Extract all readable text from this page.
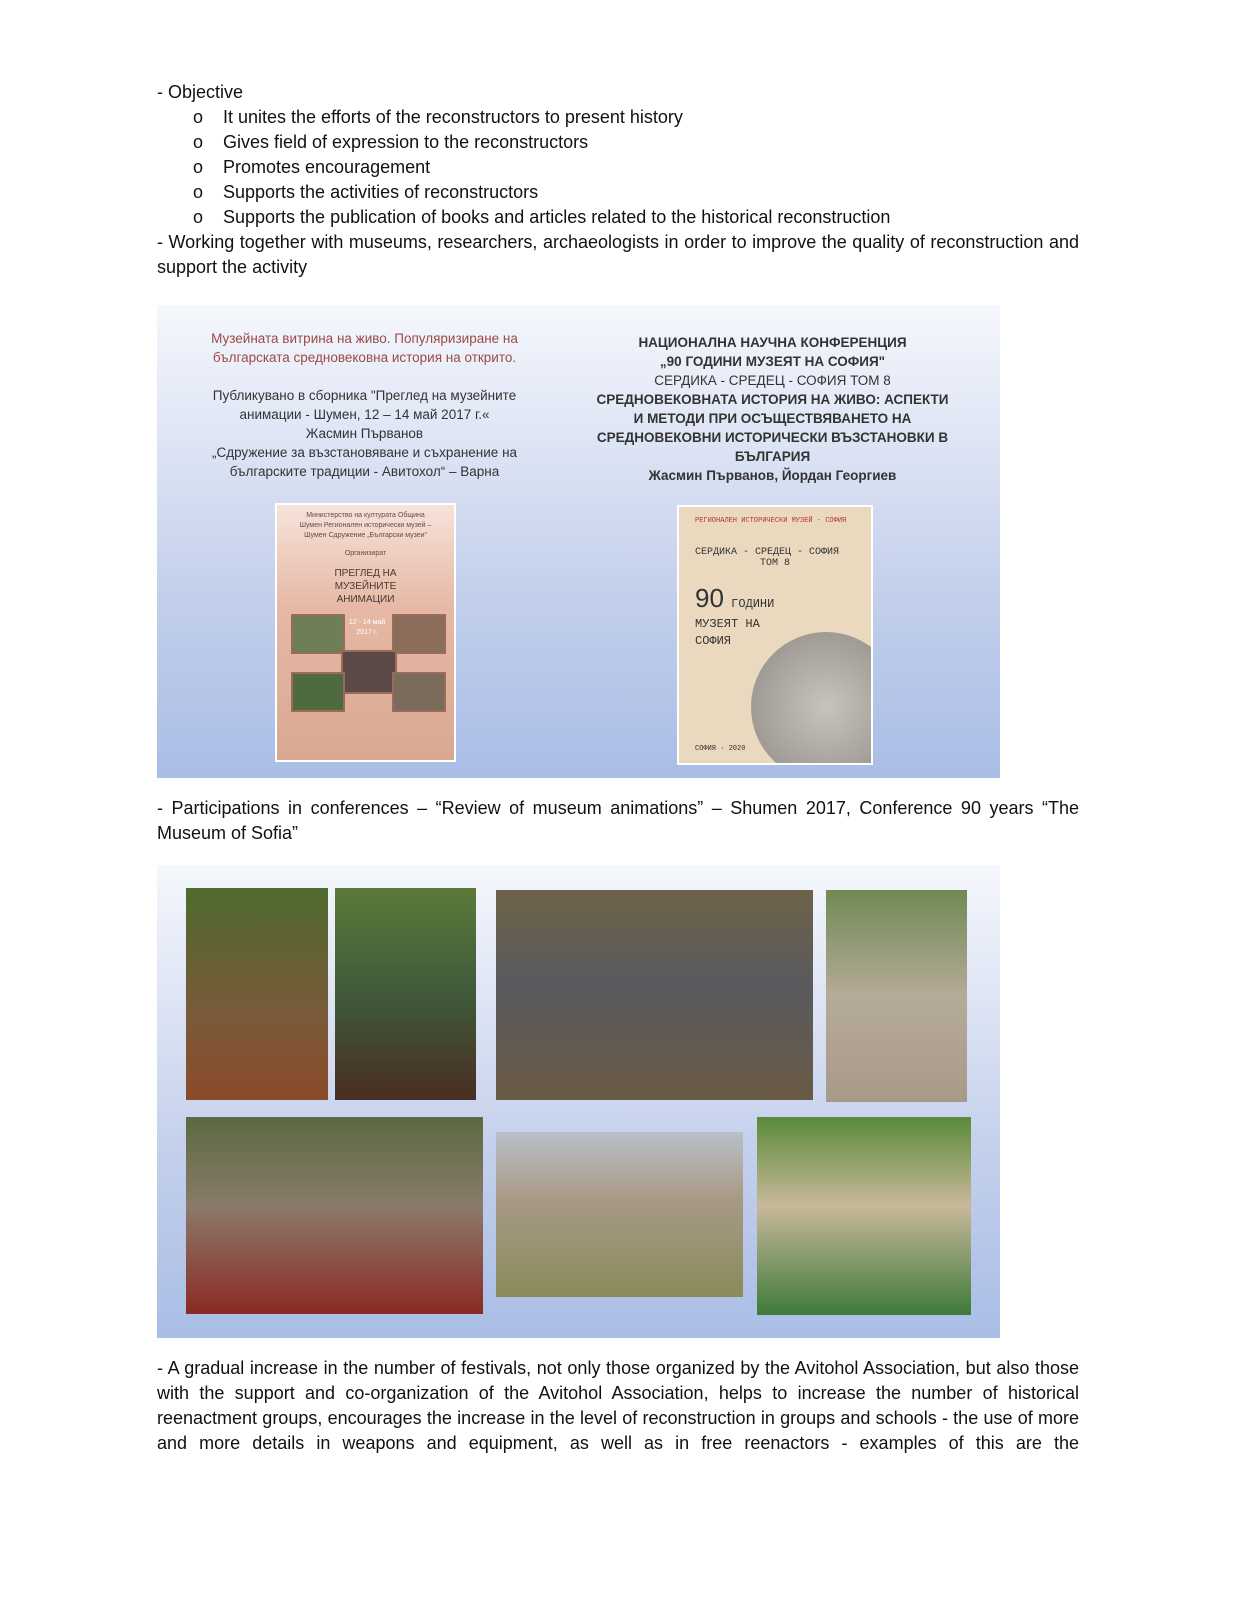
- Objective
o It unites the efforts of the reconstructors to present history
o Gives field of expression to the reconstructors
o Promotes encouragement
o Supports the activities of reconstructors
o Supports the publication of books and articles related to the historical reconstruction
- Working together with museums, researchers, archaeologists in order to improve the quality of reconstruction and support the activity
Музейната витрина на живо. Популяризиране на българската средновековна история на открито.
Публикувано в сборника "Преглед на музейните анимации - Шумен, 12 – 14 май 2017 г.«
Жасмин Първанов
„Сдружение за възстановяване и съхранение на българските традиции - Авитохол“ – Варна
НАЦИОНАЛНА НАУЧНА КОНФЕРЕНЦИЯ
„90 ГОДИНИ МУЗЕЯТ НА СОФИЯ"
СЕРДИКА - СРЕДЕЦ - СОФИЯ ТОМ 8
СРЕДНОВЕКОВНАТА ИСТОРИЯ НА ЖИВО: АСПЕКТИ И МЕТОДИ ПРИ ОСЪЩЕСТВЯВАНЕТО НА СРЕДНОВЕКОВНИ ИСТОРИЧЕСКИ ВЪЗСТАНОВКИ В БЪЛГАРИЯ
Жасмин Първанов, Йордан Георгиев
Министерство на културата Община Шумен Регионален исторически музей – Шумен Сдружение „Български музеи“
Организират
ПРЕГЛЕД НА МУЗЕЙНИТЕ АНИМАЦИИ
12 - 14 май 2017 г.
РЕГИОНАЛЕН ИСТОРИЧЕСКИ МУЗЕЙ - СОФИЯ
СЕРДИКА - СРЕДЕЦ - СОФИЯ
ТОМ 8
90 ГОДИНИ
МУЗЕЯТ НА
СОФИЯ
СОФИЯ · 2020
- Participations in conferences – “Review of museum animations” – Shumen 2017, Conference 90 years “The Museum of Sofia”
- A gradual increase in the number of festivals, not only those organized by the Avitohol Association, but also those with the support and co-organization of the Avitohol Association, helps to increase the number of historical reenactment groups, encourages the increase in the level of reconstruction in groups and schools - the use of more and more details in weapons and equipment, as well as in free reenactors - examples of this are the
